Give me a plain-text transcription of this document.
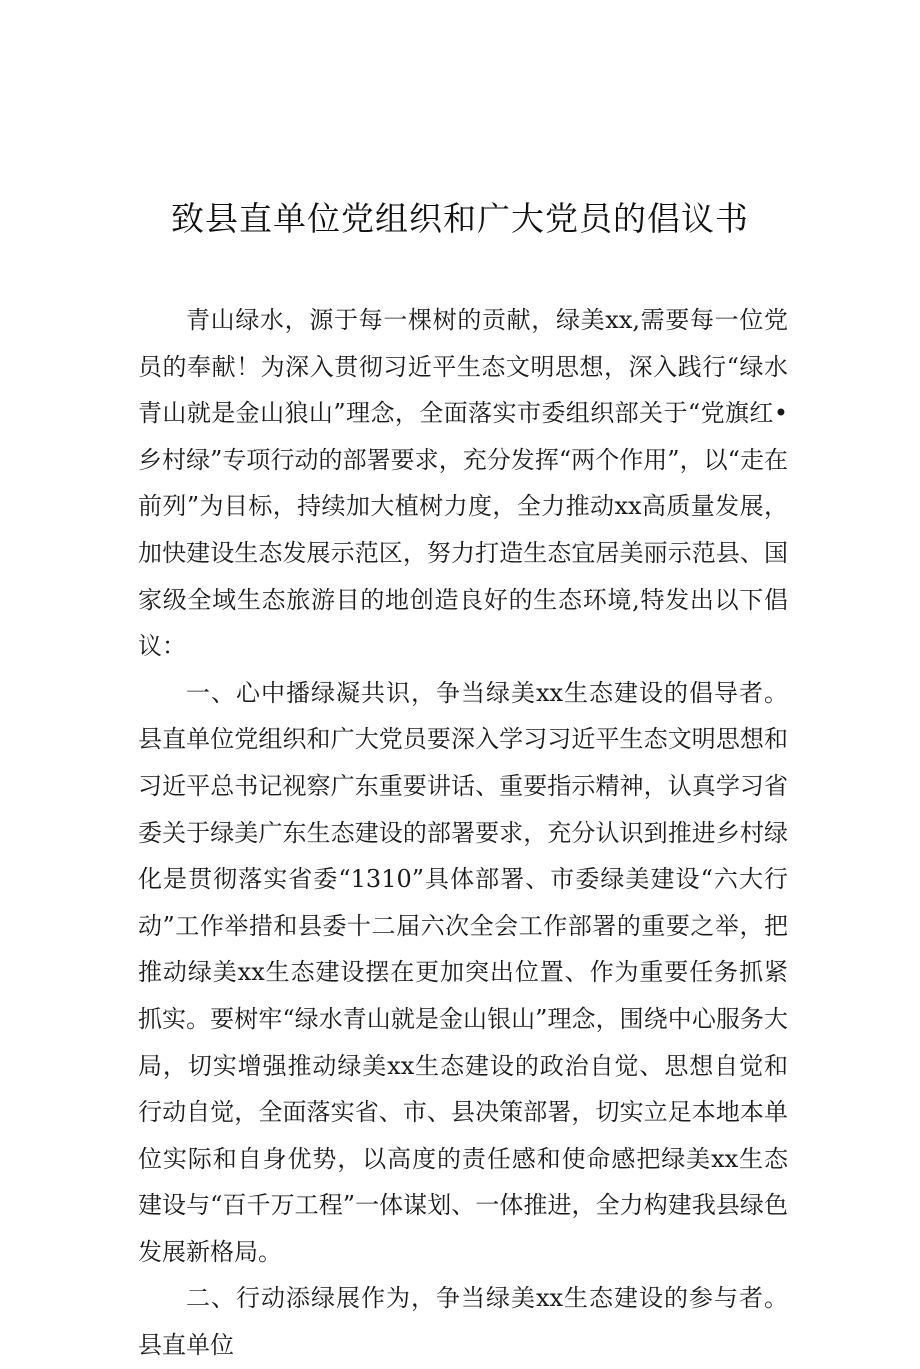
致县直单位党组织和广大党员的倡议书

青山绿水，源于每一棵树的贡献，绿美xx,需要每一位党员的奉献！为深入贯彻习近平生态文明思想，深入践行“绿水青山就是金山狼山”理念，全面落实市委组织部关于“党旗红•乡村绿”专项行动的部署要求，充分发挥“两个作用”，以“走在前列”为目标，持续加大植树力度，全力推动xx高质量发展，加快建设生态发展示范区，努力打造生态宜居美丽示范县、国家级全域生态旅游目的地创造良好的生态环境,特发出以下倡议：

一、心中播绿凝共识，争当绿美xx生态建设的倡导者。县直单位党组织和广大党员要深入学习习近平生态文明思想和习近平总书记视察广东重要讲话、重要指示精神，认真学习省委关于绿美广东生态建设的部署要求，充分认识到推进乡村绿化是贯彻落实省委“1310”具体部署、市委绿美建设“六大行动”工作举措和县委十二届六次全会工作部署的重要之举，把推动绿美xx生态建设摆在更加突出位置、作为重要任务抓紧抓实。要树牢“绿水青山就是金山银山”理念，围绕中心服务大局，切实增强推动绿美xx生态建设的政治自觉、思想自觉和行动自觉，全面落实省、市、县决策部署，切实立足本地本单位实际和自身优势，以高度的责任感和使命感把绿美xx生态建设与“百千万工程”一体谋划、一体推进，全力构建我县绿色发展新格局。

二、行动添绿展作为，争当绿美xx生态建设的参与者。县直单位
